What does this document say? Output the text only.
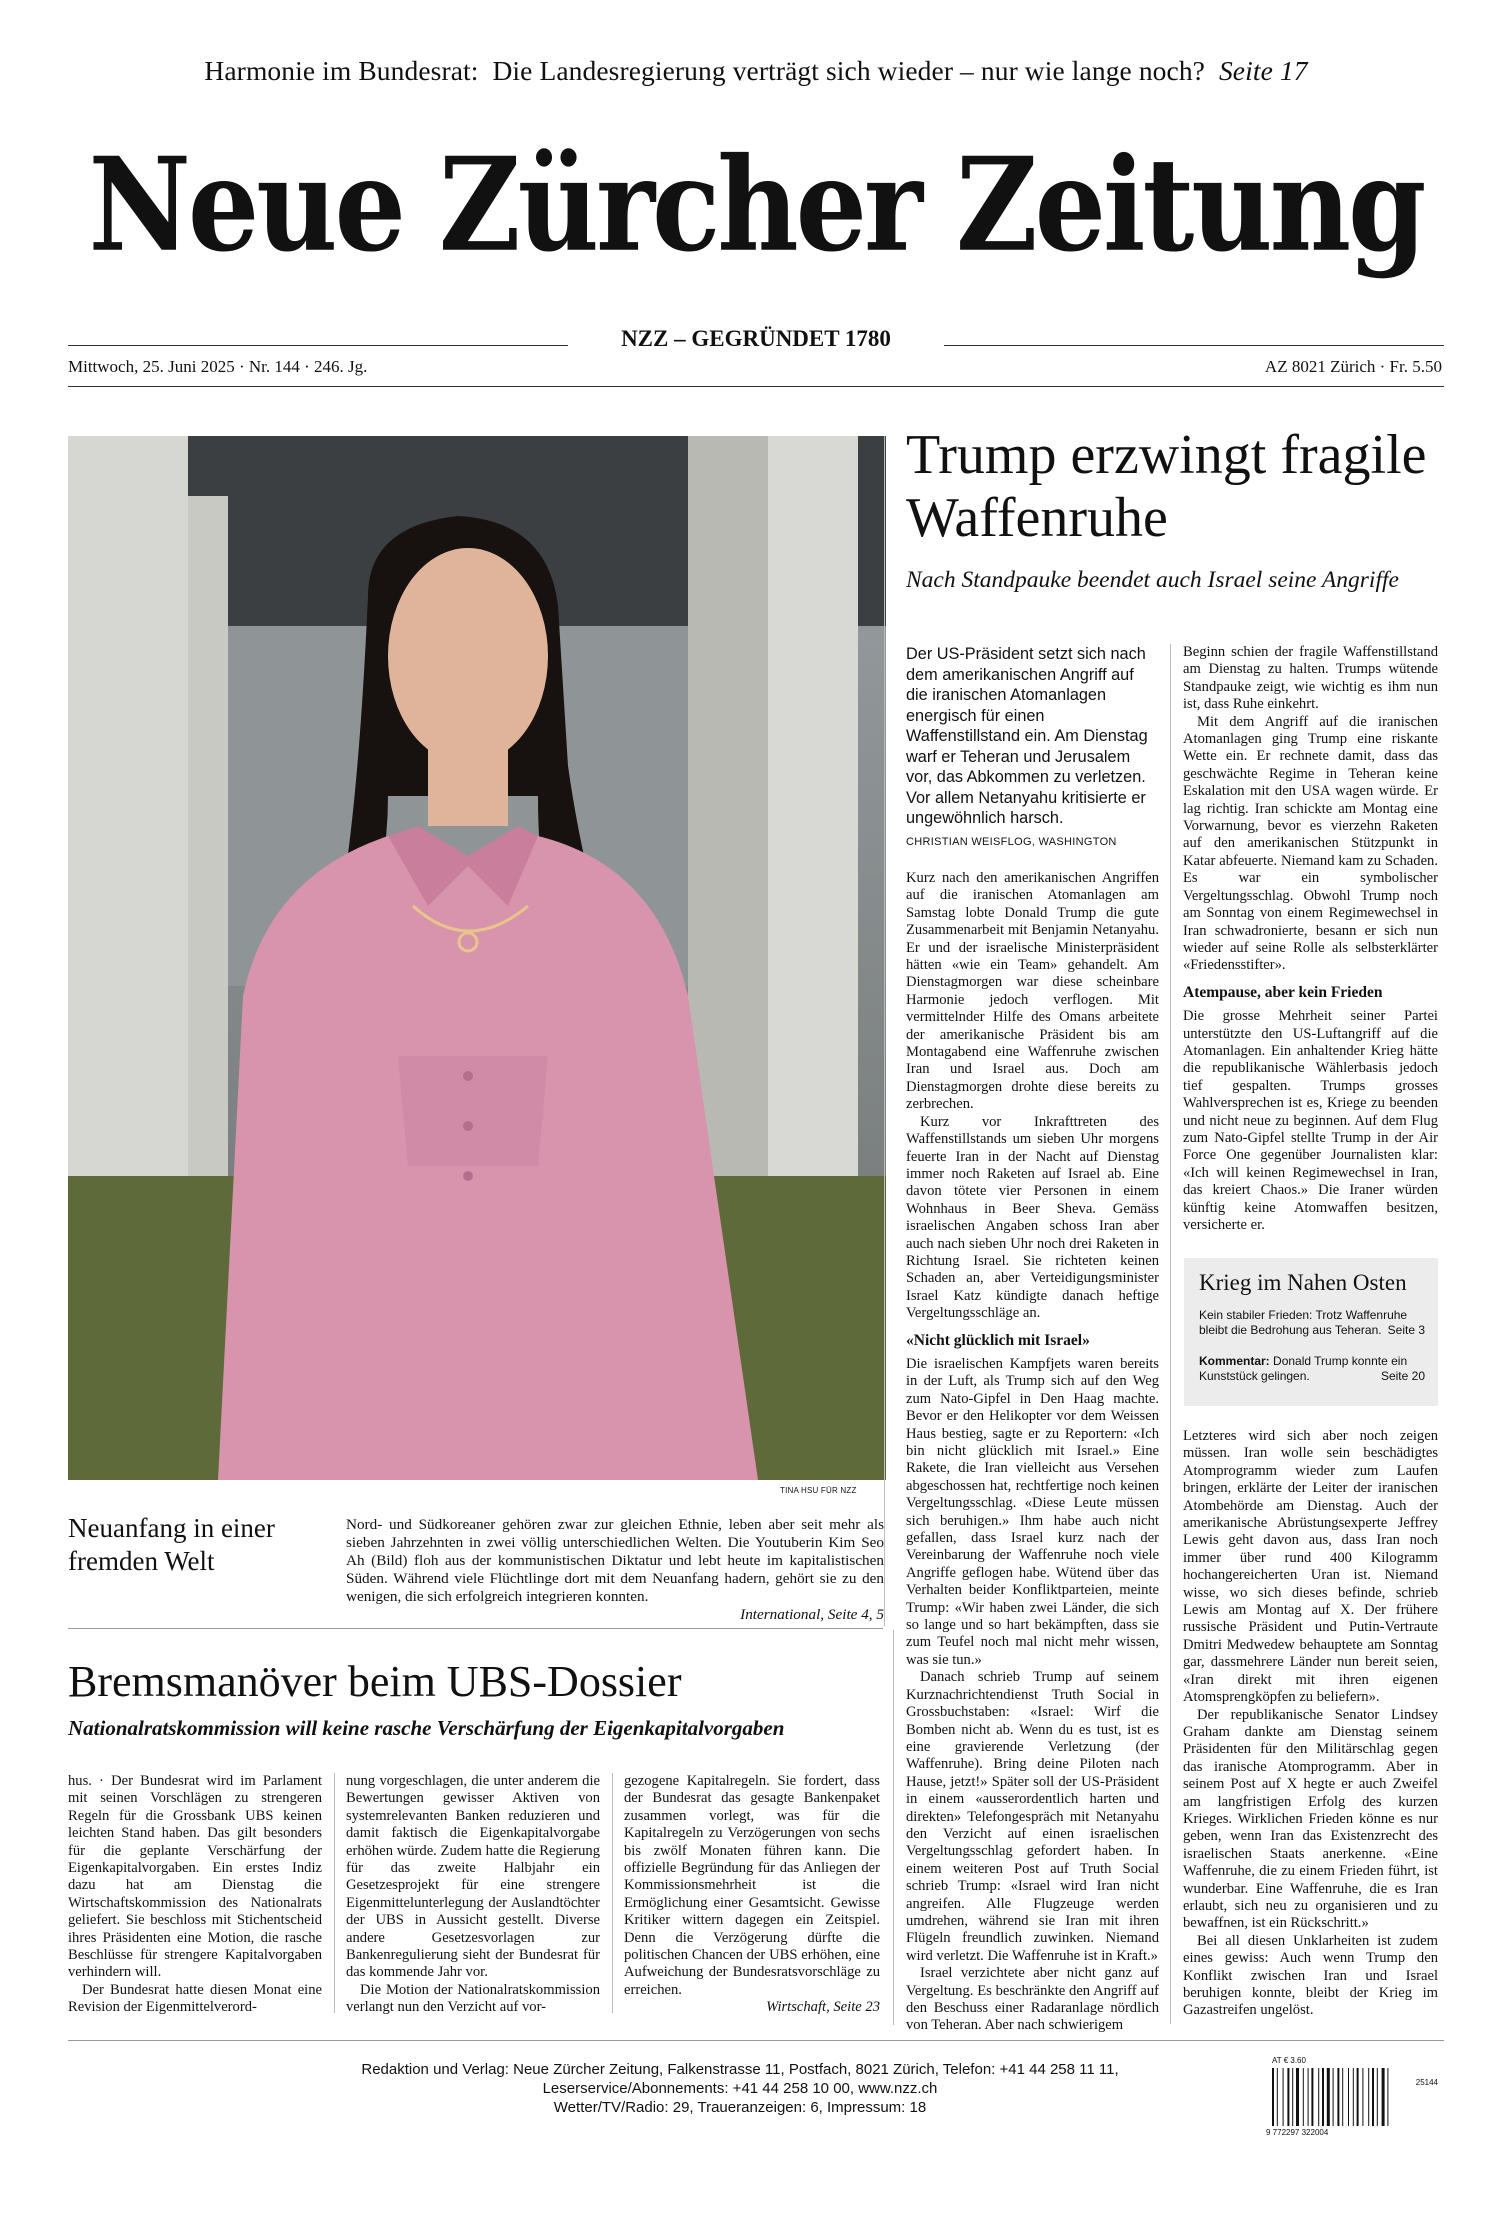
Harmonie im Bundesrat: Die Landesregierung verträgt sich wieder – nur wie lange noch? Seite 17
Neue Zürcher Zeitung
NZZ – GEGRÜNDET 1780
Mittwoch, 25. Juni 2025 · Nr. 144 · 246. Jg.	AZ 8021 Zürich · Fr. 5.50
TINA HSU FÜR NZZ
Neuanfang in einer fremden Welt
Nord- und Südkoreaner gehören zwar zur gleichen Ethnie, leben aber seit mehr als sieben Jahrzehnten in zwei völlig unterschiedlichen Welten. Die Youtuberin Kim Seo Ah (Bild) floh aus der kommunistischen Diktatur und lebt heute im kapitalistischen Süden. Während viele Flüchtlinge dort mit dem Neuanfang hadern, gehört sie zu den wenigen, die sich erfolgreich integrieren konnten.
International, Seite 4, 5
Trump erzwingt fragile Waffenruhe
Nach Standpauke beendet auch Israel seine Angriffe
Der US-Präsident setzt sich nach dem amerikanischen Angriff auf die iranischen Atomanlagen energisch für einen Waffenstillstand ein. Am Dienstag warf er Teheran und Jerusalem vor, das Abkommen zu verletzen. Vor allem Netanyahu kritisierte er ungewöhnlich harsch.
CHRISTIAN WEISFLOG, WASHINGTON

Kurz nach den amerikanischen Angriffen auf die iranischen Atomanlagen am Samstag lobte Donald Trump die gute Zusammenarbeit mit Benjamin Netanyahu. Er und der israelische Ministerpräsident hätten «wie ein Team» gehandelt. Am Dienstagmorgen war diese scheinbare Harmonie jedoch verflogen. Mit vermittelnder Hilfe des Omans arbeitete der amerikanische Präsident bis am Montagabend eine Waffenruhe zwischen Iran und Israel aus. Doch am Dienstagmorgen drohte diese bereits zu zerbrechen.

Kurz vor Inkrafttreten des Waffenstillstands um sieben Uhr morgens feuerte Iran in der Nacht auf Dienstag immer noch Raketen auf Israel ab. Eine davon tötete vier Personen in einem Wohnhaus in Beer Sheva. Gemäss israelischen Angaben schoss Iran aber auch nach sieben Uhr noch drei Raketen in Richtung Israel. Sie richteten keinen Schaden an, aber Verteidigungsminister Israel Katz kündigte danach heftige Vergeltungsschläge an.

«Nicht glücklich mit Israel»

Die israelischen Kampfjets waren bereits in der Luft, als Trump sich auf den Weg zum Nato-Gipfel in Den Haag machte. Bevor er den Helikopter vor dem Weissen Haus bestieg, sagte er zu Reportern: «Ich bin nicht glücklich mit Israel.» Eine Rakete, die Iran vielleicht aus Versehen abgeschossen hat, rechtfertige noch keinen Vergeltungsschlag. «Diese Leute müssen sich beruhigen.» Ihm habe auch nicht gefallen, dass Israel kurz nach der Vereinbarung der Waffenruhe noch viele Angriffe geflogen habe. Wütend über das Verhalten beider Konfliktparteien, meinte Trump: «Wir haben zwei Länder, die sich so lange und so hart bekämpften, dass sie zum Teufel noch mal nicht mehr wissen, was sie tun.»

Danach schrieb Trump auf seinem Kurznachrichtendienst Truth Social in Grossbuchstaben: «Israel: Wirf die Bomben nicht ab. Wenn du es tust, ist es eine gravierende Verletzung (der Waffenruhe). Bring deine Piloten nach Hause, jetzt!» Später soll der US-Präsident in einem «ausserordentlich harten und direkten» Telefongespräch mit Netanyahu den Verzicht auf einen israelischen Vergeltungsschlag gefordert haben. In einem weiteren Post auf Truth Social schrieb Trump: «Israel wird Iran nicht angreifen. Alle Flugzeuge werden umdrehen, während sie Iran mit ihren Flügeln freundlich zuwinken. Niemand wird verletzt. Die Waffenruhe ist in Kraft.»

Israel verzichtete aber nicht ganz auf Vergeltung. Es beschränkte den Angriff auf den Beschuss einer Radaranlage nördlich von Teheran. Aber nach schwierigem

Beginn schien der fragile Waffenstillstand am Dienstag zu halten. Trumps wütende Standpauke zeigt, wie wichtig es ihm nun ist, dass Ruhe einkehrt.

Mit dem Angriff auf die iranischen Atomanlagen ging Trump eine riskante Wette ein. Er rechnete damit, dass das geschwächte Regime in Teheran keine Eskalation mit den USA wagen würde. Er lag richtig. Iran schickte am Montag eine Vorwarnung, bevor es vierzehn Raketen auf den amerikanischen Stützpunkt in Katar abfeuerte. Niemand kam zu Schaden. Es war ein symbolischer Vergeltungsschlag. Obwohl Trump noch am Sonntag von einem Regimewechsel in Iran schwadronierte, besann er sich nun wieder auf seine Rolle als selbsterklärter «Friedensstifter».

Atempause, aber kein Frieden

Die grosse Mehrheit seiner Partei unterstützte den US-Luftangriff auf die Atomanlagen. Ein anhaltender Krieg hätte die republikanische Wählerbasis jedoch tief gespalten. Trumps grosses Wahlversprechen ist es, Kriege zu beenden und nicht neue zu beginnen. Auf dem Flug zum Nato-Gipfel stellte Trump in der Air Force One gegenüber Journalisten klar: «Ich will keinen Regimewechsel in Iran, das kreiert Chaos.» Die Iraner würden künftig keine Atomwaffen besitzen, versicherte er.

Krieg im Nahen Osten
Kein stabiler Frieden: Trotz Waffenruhe bleibt die Bedrohung aus Teheran. Seite 3
Kommentar: Donald Trump konnte ein Kunststück gelingen.	Seite 20

Letzteres wird sich aber noch zeigen müssen. Iran wolle sein beschädigtes Atomprogramm wieder zum Laufen bringen, erklärte der Leiter der iranischen Atombehörde am Dienstag. Auch der amerikanische Abrüstungsexperte Jeffrey Lewis geht davon aus, dass Iran noch immer über rund 400 Kilogramm hochangereicherten Uran ist. Niemand wisse, wo sich dieses befinde, schrieb Lewis am Montag auf X. Der frühere russische Präsident und Putin-Vertraute Dmitri Medwedew behauptete am Sonntag gar, dassmehrere Länder nun bereit seien, «Iran direkt mit ihren eigenen Atomsprengköpfen zu beliefern».

Der republikanische Senator Lindsey Graham dankte am Dienstag seinem Präsidenten für den Militärschlag gegen das iranische Atomprogramm. Aber in seinem Post auf X hegte er auch Zweifel am langfristigen Erfolg des kurzen Krieges. Wirklichen Frieden könne es nur geben, wenn Iran das Existenzrecht des israelischen Staats anerkenne. «Eine Waffenruhe, die zu einem Frieden führt, ist wunderbar. Eine Waffenruhe, die es Iran erlaubt, sich neu zu organisieren und zu bewaffnen, ist ein Rückschritt.»

Bei all diesen Unklarheiten ist zudem eines gewiss: Auch wenn Trump den Konflikt zwischen Iran und Israel beruhigen konnte, bleibt der Krieg im Gazastreifen ungelöst.

Bremsmanöver beim UBS-Dossier
Nationalratskommission will keine rasche Verschärfung der Eigenkapitalvorgaben

hus. · Der Bundesrat wird im Parlament mit seinen Vorschlägen zu strengeren Regeln für die Grossbank UBS keinen leichten Stand haben. Das gilt besonders für die geplante Verschärfung der Eigenkapitalvorgaben. Ein erstes Indiz dazu hat am Dienstag die Wirtschaftskommission des Nationalrats geliefert. Sie beschloss mit Stichentscheid ihres Präsidenten eine Motion, die rasche Beschlüsse für strengere Kapitalvorgaben verhindern will.

Der Bundesrat hatte diesen Monat eine Revision der Eigenmittelverord-

nung vorgeschlagen, die unter anderem die Bewertungen gewisser Aktiven von systemrelevanten Banken reduzieren und damit faktisch die Eigenkapitalvorgabe erhöhen würde. Zudem hatte die Regierung für das zweite Halbjahr ein Gesetzesprojekt für eine strengere Eigenmittelunterlegung der Auslandtöchter der UBS in Aussicht gestellt. Diverse andere Gesetzesvorlagen zur Bankenregulierung sieht der Bundesrat für das kommende Jahr vor.

Die Motion der Nationalratskommission verlangt nun den Verzicht auf vor-

gezogene Kapitalregeln. Sie fordert, dass der Bundesrat das gesagte Bankenpaket zusammen vorlegt, was für die Kapitalregeln zu Verzögerungen von sechs bis zwölf Monaten führen kann. Die offizielle Begründung für das Anliegen der Kommissionsmehrheit ist die Ermöglichung einer Gesamtsicht. Gewisse Kritiker wittern dagegen ein Zeitspiel. Denn die Verzögerung dürfte die politischen Chancen der UBS erhöhen, eine Aufweichung der Bundesratsvorschläge zu erreichen.

Wirtschaft, Seite 23
Redaktion und Verlag: Neue Zürcher Zeitung, Falkenstrasse 11, Postfach, 8021 Zürich, Telefon: +41 44 258 11 11,
Leserservice/Abonnements: +41 44 258 10 00, www.nzz.ch
Wetter/TV/Radio: 29, Traueranzeigen: 6, Impressum: 18
AT € 3.60
25144
9 772297 322004
